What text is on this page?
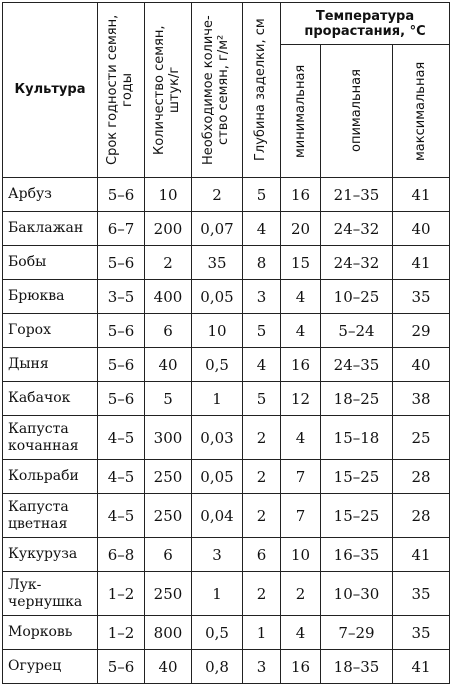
Культура	Срок годности семян, годы	Количество семян, штук/г	Необходимое количе-ство семян, г/м²	Глубина заделки, см	Температура прорастания, °С		

					минимальная	опимальная	максимальная

Арбуз	5–6	10	2	5	16	21–35	41
Баклажан	6–7	200	0,07	4	20	24–32	40
Бобы	5–6	2	35	8	15	24–32	41
Брюква	3–5	400	0,05	3	4	10–25	35
Горох	5–6	6	10	5	4	5–24	29
Дыня	5–6	40	0,5	4	16	24–35	40
Кабачок	5–6	5	1	5	12	18–25	38
Капуста кочанная	4–5	300	0,03	2	4	15–18	25
Кольраби	4–5	250	0,05	2	7	15–25	28
Капуста цветная	4–5	250	0,04	2	7	15–25	28
Кукуруза	6–8	6	3	6	10	16–35	41
Лук-чернушка	1–2	250	1	2	2	10–30	35
Морковь	1–2	800	0,5	1	4	7–29	35
Огурец	5–6	40	0,8	3	16	18–35	41
